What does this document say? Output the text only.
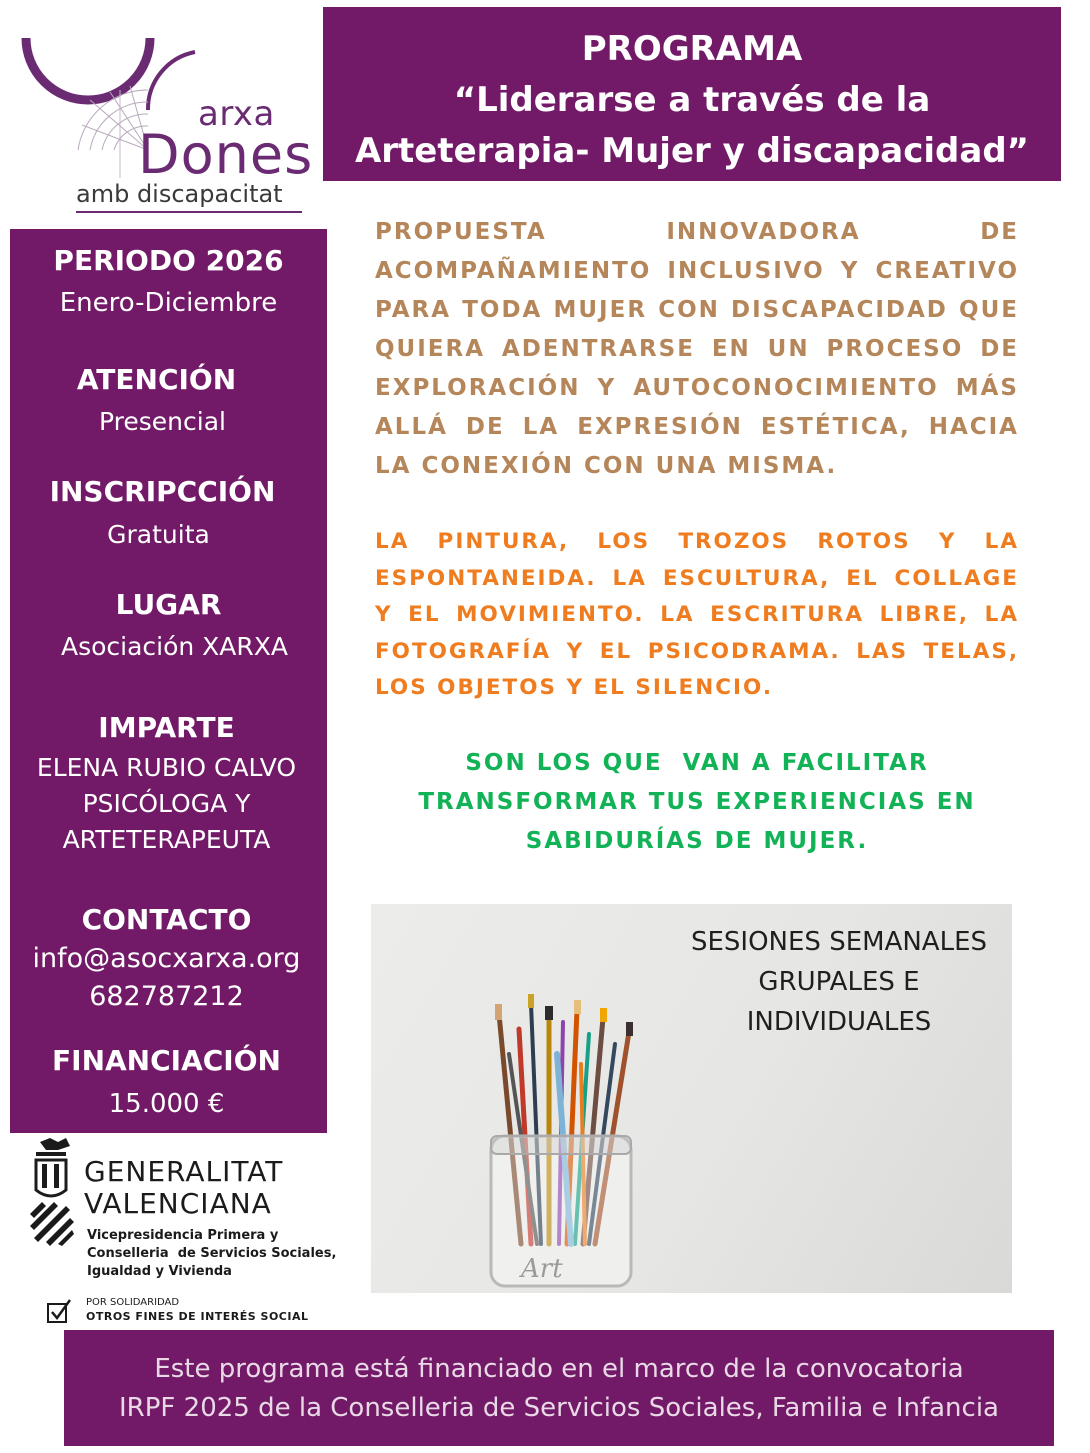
arxa
Dones
amb discapacitat
PROGRAMA
“Liderarse a través de la
Arteterapia- Mujer y discapacidad”
PERIODO 2026
Enero-Diciembre
ATENCIÓN
Presencial
INSCRIPCCIÓN
Gratuita
LUGAR
Asociación XARXA
IMPARTE
ELENA RUBIO CALVO
PSICÓLOGA Y
ARTETERAPEUTA
CONTACTO
info@asocxarxa.org
682787212
FINANCIACIÓN
15.000 €
PROPUESTA INNOVADORA DE ACOMPAÑAMIENTO INCLUSIVO Y CREATIVO PARA TODA MUJER CON DISCAPACIDAD QUE QUIERA ADENTRARSE EN UN PROCESO DE EXPLORACIÓN Y AUTOCONOCIMIENTO MÁS ALLÁ DE LA EXPRESIÓN ESTÉTICA, HACIA LA CONEXIÓN CON UNA MISMA.
LA PINTURA, LOS TROZOS ROTOS Y LA ESPONTANEIDA. LA ESCULTURA, EL COLLAGE Y EL MOVIMIENTO. LA ESCRITURA LIBRE, LA FOTOGRAFÍA Y EL PSICODRAMA. LAS TELAS, LOS OBJETOS Y EL SILENCIO.
SON LOS QUE  VAN A FACILITAR
TRANSFORMAR TUS EXPERIENCIAS EN
SABIDURÍAS DE MUJER.
Art
SESIONES SEMANALES
GRUPALES E
INDIVIDUALES
GENERALITAT
VALENCIANA
Vicepresidencia Primera y
Conselleria  de Servicios Sociales,
Igualdad y Vivienda
POR SOLIDARIDAD
OTROS FINES DE INTERÉS SOCIAL
Este programa está financiado en el marco de la convocatoria
IRPF 2025 de la Conselleria de Servicios Sociales, Familia e Infancia
